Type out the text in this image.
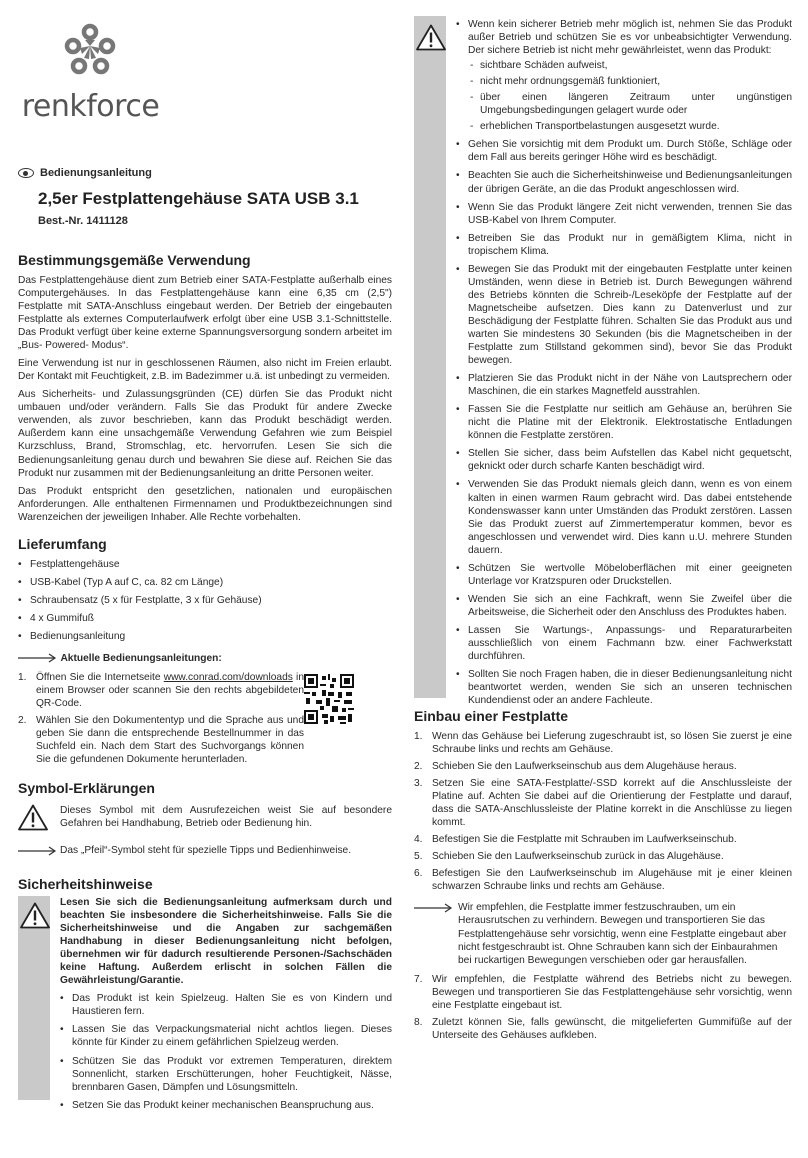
renkforce
Bedienungsanleitung
2,5er Festplattengehäuse SATA USB 3.1
Best.-Nr. 1411128
Bestimmungsgemäße Verwendung

Das Festplattengehäuse dient zum Betrieb einer SATA-Festplatte außerhalb eines Computergehäuses. In das Festplattengehäuse kann eine 6,35 cm (2,5") Festplatte mit SATA-Anschluss eingebaut werden. Der Betrieb der eingebauten Festplatte als externes Computerlaufwerk erfolgt über eine USB 3.1-Schnittstelle. Das Produkt verfügt über keine externe Spannungsversorgung sondern arbeitet im „Bus- Powered- Modus“.

Eine Verwendung ist nur in geschlossenen Räumen, also nicht im Freien erlaubt. Der Kontakt mit Feuchtigkeit, z.B. im Badezimmer u.ä. ist unbedingt zu vermeiden.

Aus Sicherheits- und Zulassungsgründen (CE) dürfen Sie das Produkt nicht umbauen und/oder verändern. Falls Sie das Produkt für andere Zwecke verwenden, als zuvor beschrieben, kann das Produkt beschädigt werden. Außerdem kann eine unsachgemäße Verwendung Gefahren wie zum Beispiel Kurzschluss, Brand, Stromschlag, etc. hervorrufen. Lesen Sie sich die Bedienungsanleitung genau durch und bewahren Sie diese auf. Reichen Sie das Produkt nur zusammen mit der Bedienungsanleitung an dritte Personen weiter.

Das Produkt entspricht den gesetzlichen, nationalen und europäischen Anforderungen. Alle enthaltenen Firmennamen und Produktbezeichnungen sind Warenzeichen der jeweiligen Inhaber. Alle Rechte vorbehalten.

Lieferumfang
• Festplattengehäuse
• USB-Kabel (Typ A auf C, ca. 82 cm Länge)
• Schraubensatz (5 x für Festplatte, 3 x für Gehäuse)
• 4 x Gummifuß
• Bedienungsanleitung
Aktuelle Bedienungsanleitungen:
1. Öffnen Sie die Internetseite www.conrad.com/downloads in einem Browser oder scannen Sie den rechts abgebildeten QR-Code.
2. Wählen Sie den Dokumententyp und die Sprache aus und geben Sie dann die entsprechende Bestellnummer in das Suchfeld ein. Nach dem Start des Suchvorgangs können Sie die gefundenen Dokumente herunterladen.
Symbol-Erklärungen

Dieses Symbol mit dem Ausrufezeichen weist Sie auf besondere Gefahren bei Handhabung, Betrieb oder Bedienung hin.

Das „Pfeil“-Symbol steht für spezielle Tipps und Bedienhinweise.

Sicherheitshinweise

Lesen Sie sich die Bedienungsanleitung aufmerksam durch und beachten Sie insbesondere die Sicherheitshinweise. Falls Sie die Sicherheitshinweise und die Angaben zur sachgemäßen Handhabung in dieser Bedienungsanleitung nicht befolgen, übernehmen wir für dadurch resultierende Personen-/Sachschäden keine Haftung. Außerdem erlischt in solchen Fällen die Gewährleistung/Garantie.

• Das Produkt ist kein Spielzeug. Halten Sie es von Kindern und Haustieren fern.
• Lassen Sie das Verpackungsmaterial nicht achtlos liegen. Dieses könnte für Kinder zu einem gefährlichen Spielzeug werden.
• Schützen Sie das Produkt vor extremen Temperaturen, direktem Sonnenlicht, starken Erschütterungen, hoher Feuchtigkeit, Nässe, brennbaren Gasen, Dämpfen und Lösungsmitteln.
• Setzen Sie das Produkt keiner mechanischen Beanspruchung aus.
• Wenn kein sicherer Betrieb mehr möglich ist, nehmen Sie das Produkt außer Betrieb und schützen Sie es vor unbeabsichtigter Verwendung. Der sichere Betrieb ist nicht mehr gewährleistet, wenn das Produkt:
- sichtbare Schäden aufweist,
- nicht mehr ordnungsgemäß funktioniert,
- über einen längeren Zeitraum unter ungünstigen Umgebungsbedingungen gelagert wurde oder
- erheblichen Transportbelastungen ausgesetzt wurde.
• Gehen Sie vorsichtig mit dem Produkt um. Durch Stöße, Schläge oder dem Fall aus bereits geringer Höhe wird es beschädigt.
• Beachten Sie auch die Sicherheitshinweise und Bedienungsanleitungen der übrigen Geräte, an die das Produkt angeschlossen wird.
• Wenn Sie das Produkt längere Zeit nicht verwenden, trennen Sie das USB-Kabel von Ihrem Computer.
• Betreiben Sie das Produkt nur in gemäßigtem Klima, nicht in tropischem Klima.
• Bewegen Sie das Produkt mit der eingebauten Festplatte unter keinen Umständen, wenn diese in Betrieb ist. Durch Bewegungen während des Betriebs könnten die Schreib-/Leseköpfe der Festplatte auf der Magnetscheibe aufsetzen. Dies kann zu Datenverlust und zur Beschädigung der Festplatte führen. Schalten Sie das Produkt aus und warten Sie mindestens 30 Sekunden (bis die Magnetscheiben in der Festplatte zum Stillstand gekommen sind), bevor Sie das Produkt bewegen.
• Platzieren Sie das Produkt nicht in der Nähe von Lautsprechern oder Maschinen, die ein starkes Magnetfeld ausstrahlen.
• Fassen Sie die Festplatte nur seitlich am Gehäuse an, berühren Sie nicht die Platine mit der Elektronik. Elektrostatische Entladungen können die Festplatte zerstören.
• Stellen Sie sicher, dass beim Aufstellen das Kabel nicht gequetscht, geknickt oder durch scharfe Kanten beschädigt wird.
• Verwenden Sie das Produkt niemals gleich dann, wenn es von einem kalten in einen warmen Raum gebracht wird. Das dabei entstehende Kondenswasser kann unter Umständen das Produkt zerstören. Lassen Sie das Produkt zuerst auf Zimmertemperatur kommen, bevor es angeschlossen und verwendet wird. Dies kann u.U. mehrere Stunden dauern.
• Schützen Sie wertvolle Möbeloberflächen mit einer geeigneten Unterlage vor Kratzspuren oder Druckstellen.
• Wenden Sie sich an eine Fachkraft, wenn Sie Zweifel über die Arbeitsweise, die Sicherheit oder den Anschluss des Produktes haben.
• Lassen Sie Wartungs-, Anpassungs- und Reparaturarbeiten ausschließlich von einem Fachmann bzw. einer Fachwerkstatt durchführen.
• Sollten Sie noch Fragen haben, die in dieser Bedienungsanleitung nicht beantwortet werden, wenden Sie sich an unseren technischen Kundendienst oder an andere Fachleute.
Einbau einer Festplatte
1. Wenn das Gehäuse bei Lieferung zugeschraubt ist, so lösen Sie zuerst je eine Schraube links und rechts am Gehäuse.
2. Schieben Sie den Laufwerkseinschub aus dem Alugehäuse heraus.
3. Setzen Sie eine SATA-Festplatte/-SSD korrekt auf die Anschlussleiste der Platine auf. Achten Sie dabei auf die Orientierung der Festplatte und darauf, dass die SATA-Anschlussleiste der Platine korrekt in die Anschlüsse zu liegen kommt.
4. Befestigen Sie die Festplatte mit Schrauben im Laufwerkseinschub.
5. Schieben Sie den Laufwerkseinschub zurück in das Alugehäuse.
6. Befestigen Sie den Laufwerkseinschub im Alugehäuse mit je einer kleinen schwarzen Schraube links und rechts am Gehäuse.

Wir empfehlen, die Festplatte immer festzuschrauben, um ein Herausrutschen zu verhindern. Bewegen und transportieren Sie das Festplattengehäuse sehr vorsichtig, wenn eine Festplatte eingebaut aber nicht festgeschraubt ist. Ohne Schrauben kann sich der Einbaurahmen bei ruckartigen Bewegungen verschieben oder gar herausfallen.

7. Wir empfehlen, die Festplatte während des Betriebs nicht zu bewegen. Bewegen und transportieren Sie das Festplattengehäuse sehr vorsichtig, wenn eine Festplatte eingebaut ist.
8. Zuletzt können Sie, falls gewünscht, die mitgelieferten Gummifüße auf der Unterseite des Gehäuses aufkleben.
